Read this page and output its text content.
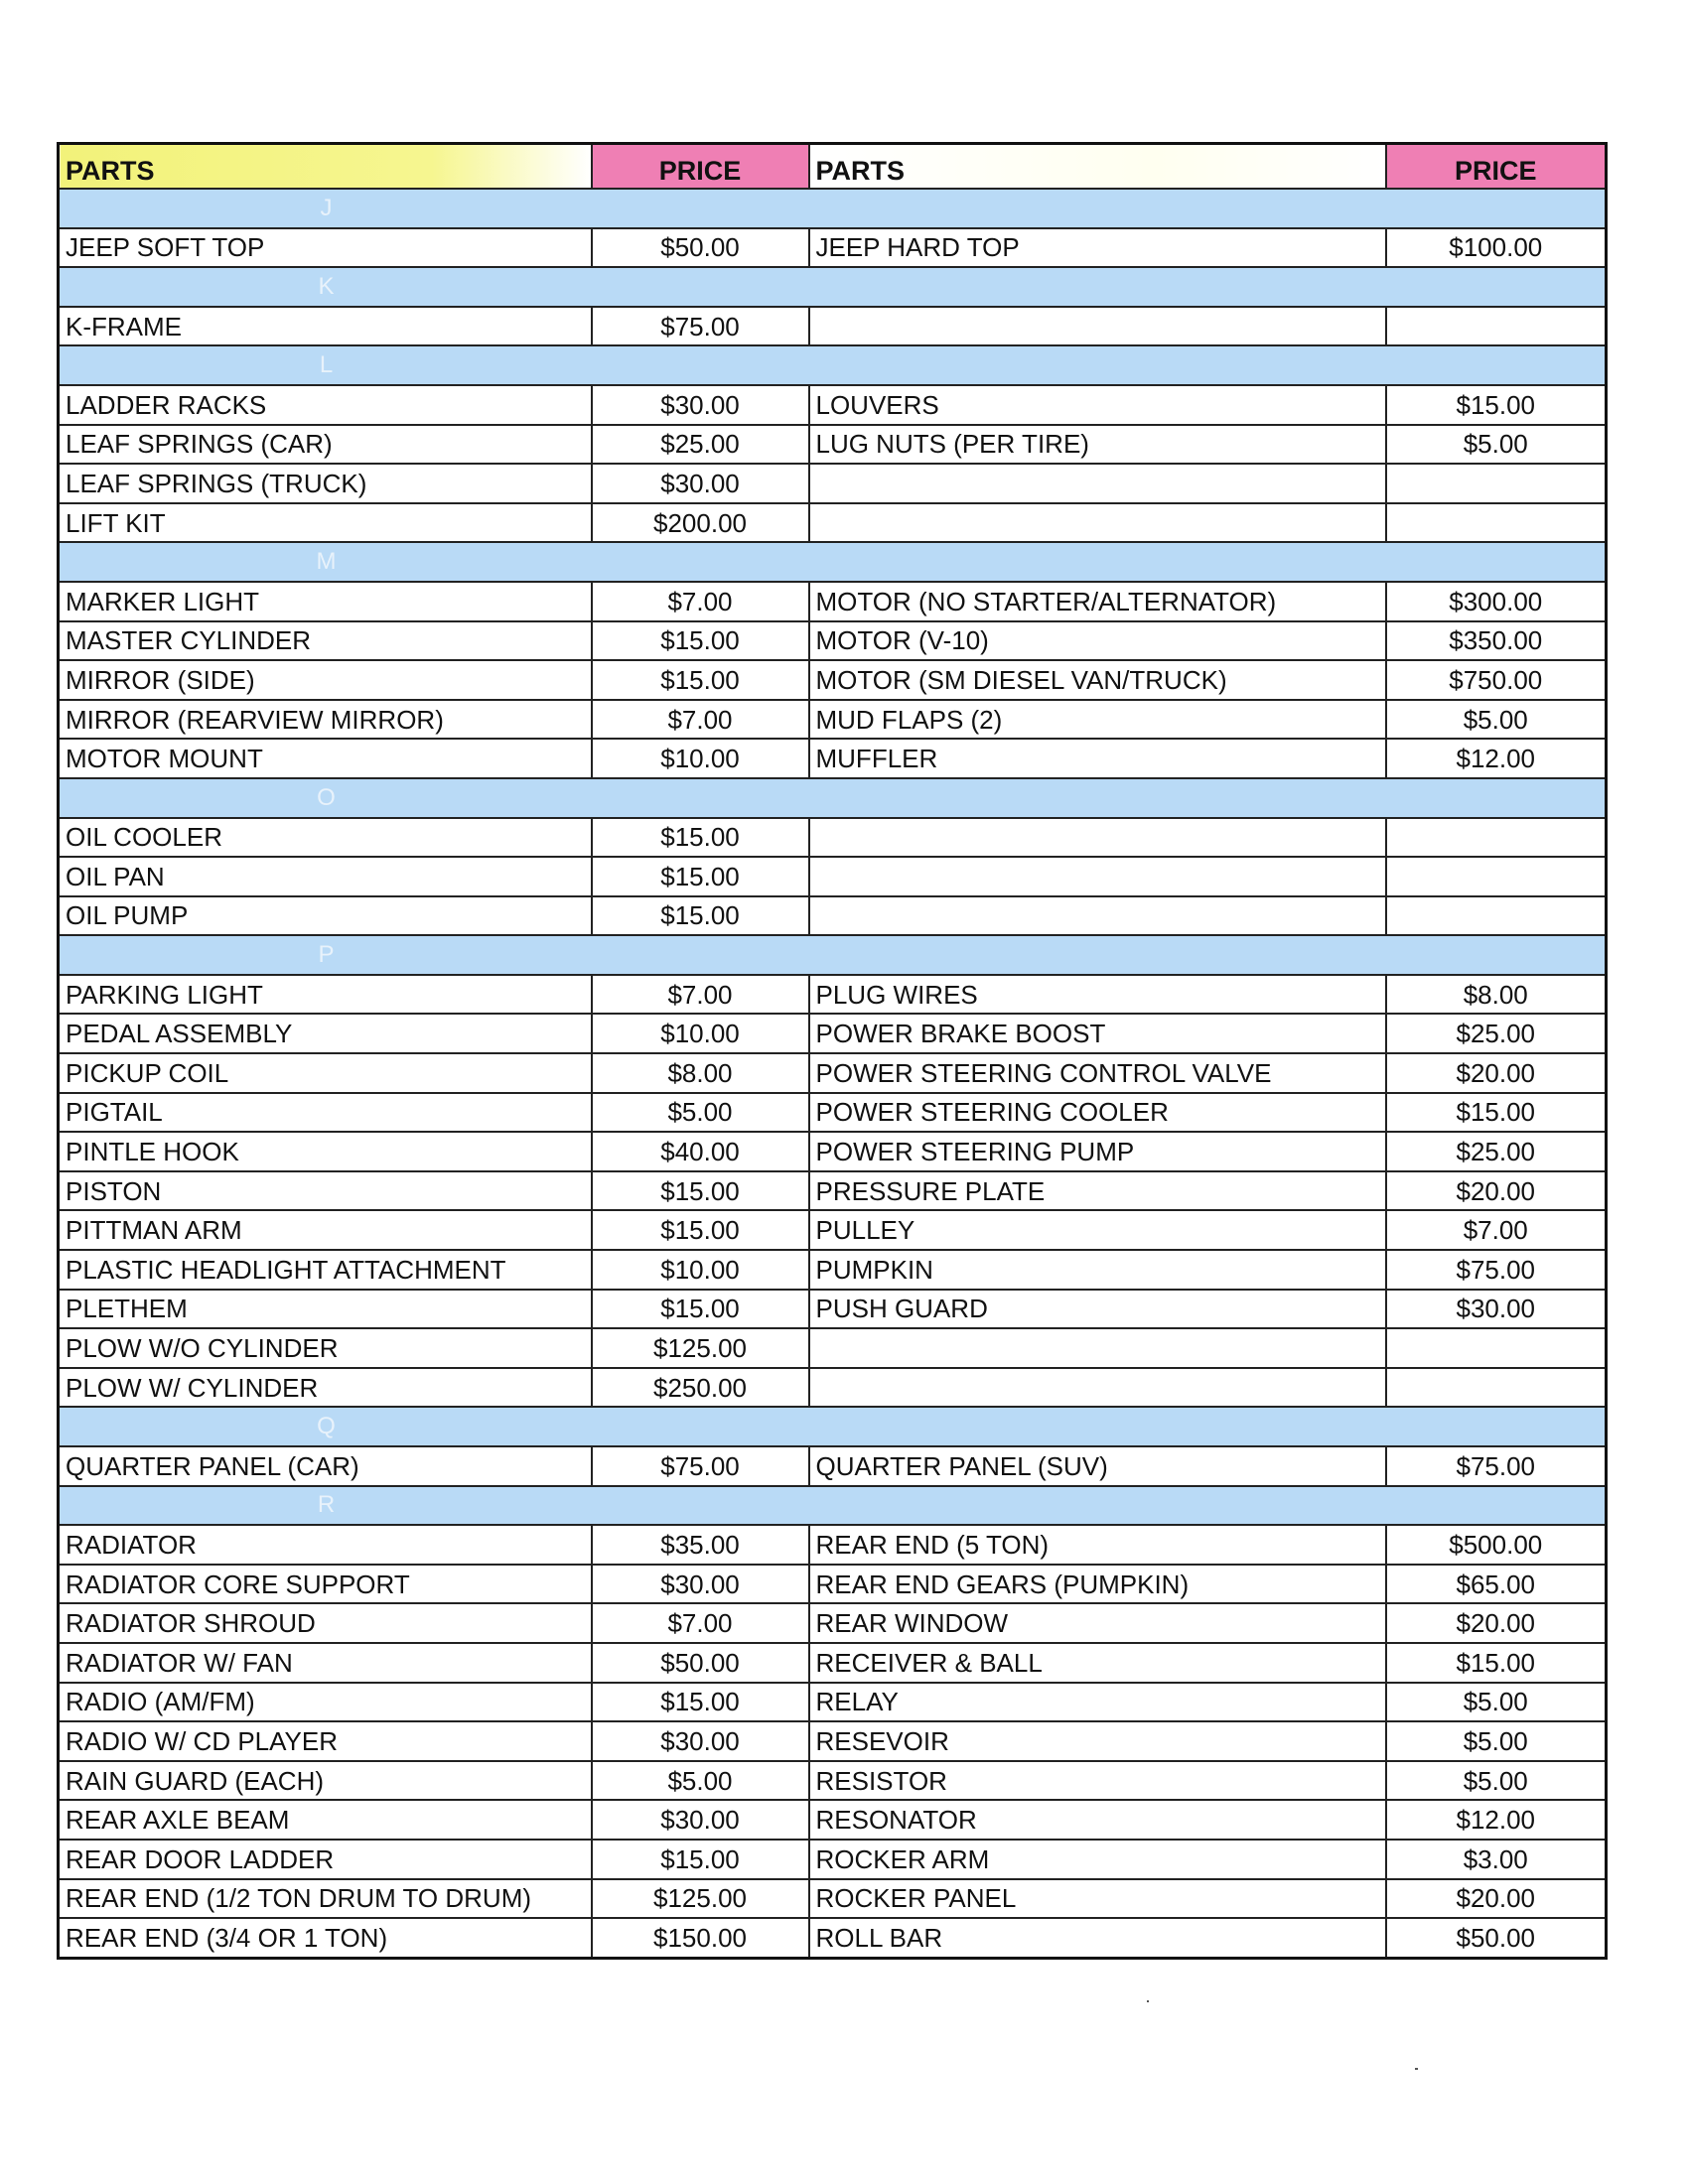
PARTS	PRICE	PARTS	PRICE
J			
JEEP SOFT TOP	$50.00	JEEP HARD TOP	$100.00
K			
K-FRAME	$75.00		
L			
LADDER RACKS	$30.00	LOUVERS	$15.00
LEAF SPRINGS (CAR)	$25.00	LUG NUTS (PER TIRE)	$5.00
LEAF SPRINGS (TRUCK)	$30.00		
LIFT KIT	$200.00		
M			
MARKER LIGHT	$7.00	MOTOR (NO STARTER/ALTERNATOR)	$300.00
MASTER CYLINDER	$15.00	MOTOR (V-10)	$350.00
MIRROR (SIDE)	$15.00	MOTOR (SM DIESEL VAN/TRUCK)	$750.00
MIRROR (REARVIEW MIRROR)	$7.00	MUD FLAPS (2)	$5.00
MOTOR MOUNT	$10.00	MUFFLER	$12.00
O			
OIL COOLER	$15.00		
OIL PAN	$15.00		
OIL PUMP	$15.00		
P			
PARKING LIGHT	$7.00	PLUG WIRES	$8.00
PEDAL ASSEMBLY	$10.00	POWER BRAKE BOOST	$25.00
PICKUP COIL	$8.00	POWER STEERING CONTROL VALVE	$20.00
PIGTAIL	$5.00	POWER STEERING COOLER	$15.00
PINTLE HOOK	$40.00	POWER STEERING PUMP	$25.00
PISTON	$15.00	PRESSURE PLATE	$20.00
PITTMAN ARM	$15.00	PULLEY	$7.00
PLASTIC HEADLIGHT ATTACHMENT	$10.00	PUMPKIN	$75.00
PLETHEM	$15.00	PUSH GUARD	$30.00
PLOW W/O CYLINDER	$125.00		
PLOW W/ CYLINDER	$250.00		
Q			
QUARTER PANEL (CAR)	$75.00	QUARTER PANEL (SUV)	$75.00
R			
RADIATOR	$35.00	REAR END (5 TON)	$500.00
RADIATOR CORE SUPPORT	$30.00	REAR END GEARS (PUMPKIN)	$65.00
RADIATOR SHROUD	$7.00	REAR WINDOW	$20.00
RADIATOR W/ FAN	$50.00	RECEIVER & BALL	$15.00
RADIO (AM/FM)	$15.00	RELAY	$5.00
RADIO W/ CD PLAYER	$30.00	RESEVOIR	$5.00
RAIN GUARD (EACH)	$5.00	RESISTOR	$5.00
REAR AXLE BEAM	$30.00	RESONATOR	$12.00
REAR DOOR LADDER	$15.00	ROCKER ARM	$3.00
REAR END (1/2 TON DRUM TO DRUM)	$125.00	ROCKER PANEL	$20.00
REAR END (3/4 OR 1 TON)	$150.00	ROLL BAR	$50.00
